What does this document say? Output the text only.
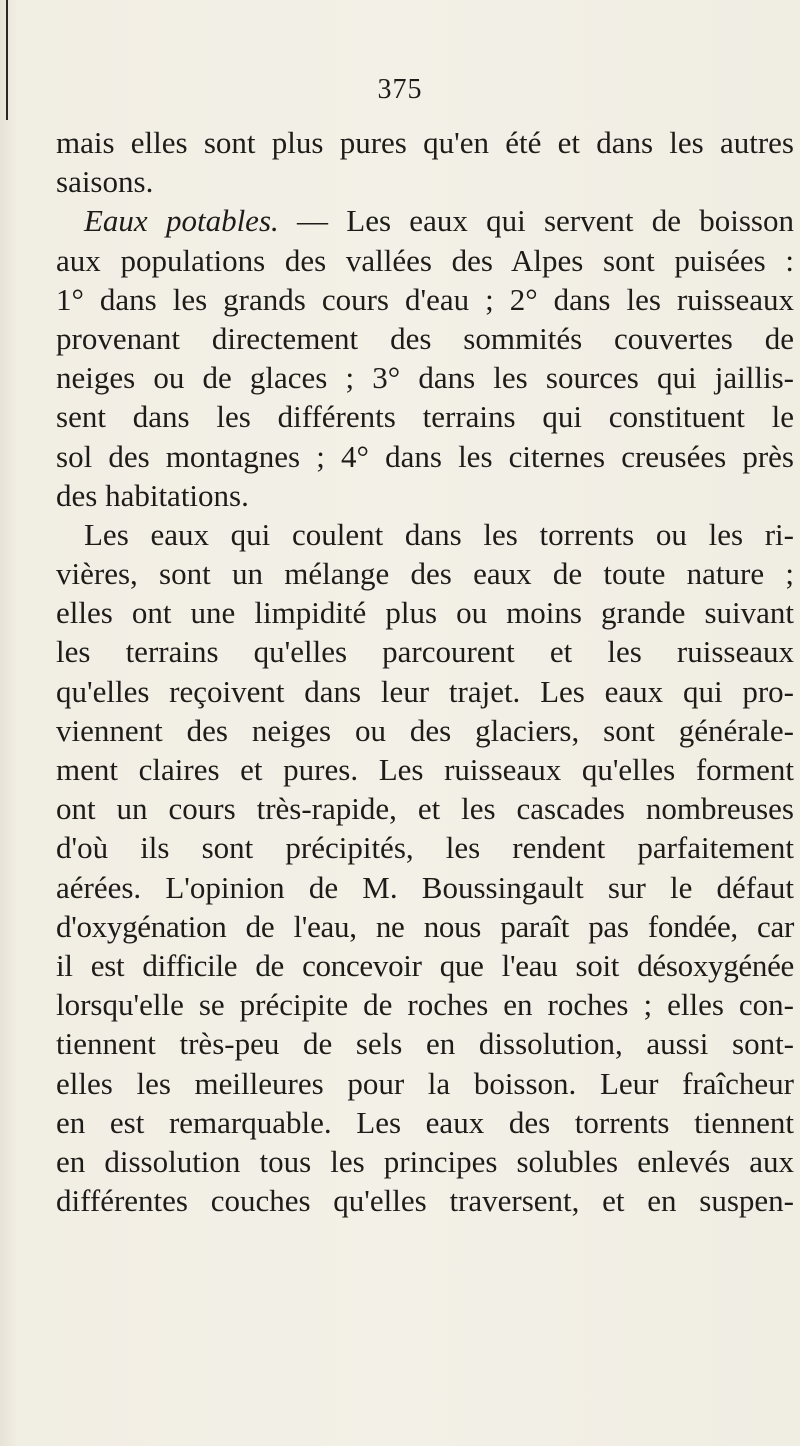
375
mais elles sont plus pures qu'en été et dans les autres
saisons.
Eaux potables. — Les eaux qui servent de boisson
aux populations des vallées des Alpes sont puisées :
1° dans les grands cours d'eau ; 2° dans les ruisseaux
provenant directement des sommités couvertes de
neiges ou de glaces ; 3° dans les sources qui jaillis-
sent dans les différents terrains qui constituent le
sol des montagnes ; 4° dans les citernes creusées près
des habitations.
Les eaux qui coulent dans les torrents ou les ri-
vières, sont un mélange des eaux de toute nature ;
elles ont une limpidité plus ou moins grande suivant
les terrains qu'elles parcourent et les ruisseaux
qu'elles reçoivent dans leur trajet. Les eaux qui pro-
viennent des neiges ou des glaciers, sont générale-
ment claires et pures. Les ruisseaux qu'elles forment
ont un cours très-rapide, et les cascades nombreuses
d'où ils sont précipités, les rendent parfaitement
aérées. L'opinion de M. Boussingault sur le défaut
d'oxygénation de l'eau, ne nous paraît pas fondée, car
il est difficile de concevoir que l'eau soit désoxygénée
lorsqu'elle se précipite de roches en roches ; elles con-
tiennent très-peu de sels en dissolution, aussi sont-
elles les meilleures pour la boisson. Leur fraîcheur
en est remarquable. Les eaux des torrents tiennent
en dissolution tous les principes solubles enlevés aux
différentes couches qu'elles traversent, et en suspen-
